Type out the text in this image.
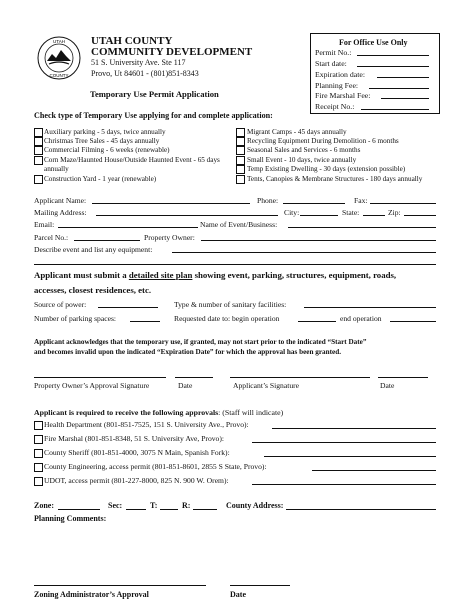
UTAH
COUNTY
UTAH COUNTY
COMMUNITY DEVELOPMENT
51 S. University Ave. Ste 117
Provo, Ut 84601 - (801)851-8343
Temporary Use Permit Application
For Office Use Only
Permit No.:
Start date:
Expiration date:
Planning Fee:
Fire Marshal Fee:
Receipt No.:
Check type of Temporary Use applying for and complete application:
Auxiliary parking - 5 days, twice annually
Christmas Tree Sales - 45 days annually
Commercial Filming - 6 weeks (renewable)
Corn Maze/Haunted House/Outside Haunted Event - 65 days
annually
Construction Yard - 1 year (renewable)
Migrant Camps - 45 days annually
Recycling Equipment During Demolition - 6 months
Seasonal Sales and Services - 6 months
Small Event - 10 days, twice annually
Temp Existing Dwelling - 30 days (extension possible)
Tents, Canopies & Membrane Structures - 180 days annually
Applicant Name:	Phone:	Fax:
Mailing Address:	City:	State:	Zip:
Email:	Name of Event/Business:
Parcel No.:	Property Owner:
Describe event and list any equipment:
Applicant must submit a detailed site plan showing event, parking, structures, equipment, roads,
accesses, closest residences, etc.
Source of power:	Type & number of sanitary facilities:
Number of parking spaces:	Requested date to: begin operation	end operation
Applicant acknowledges that the temporary use, if granted, may not start prior to the indicated “Start Date”
and becomes invalid upon the indicated “Expiration Date” for which the approval has been granted.
Property Owner’s Approval Signature	Date	Applicant’s Signature	Date
Applicant is required to receive the following approvals: (Staff will indicate)
Health Department (801-851-7525, 151 S. University Ave., Provo):
Fire Marshal (801-851-8348, 51 S. University Ave, Provo):
County Sheriff (801-851-4000, 3075 N Main, Spanish Fork):
County Engineering, access permit (801-851-8601, 2855 S State, Provo):
UDOT, access permit (801-227-8000, 825 N. 900 W. Orem):
Zone:	Sec:	T:	R:	County Address:
Planning Comments:
Zoning Administrator’s Approval	Date
